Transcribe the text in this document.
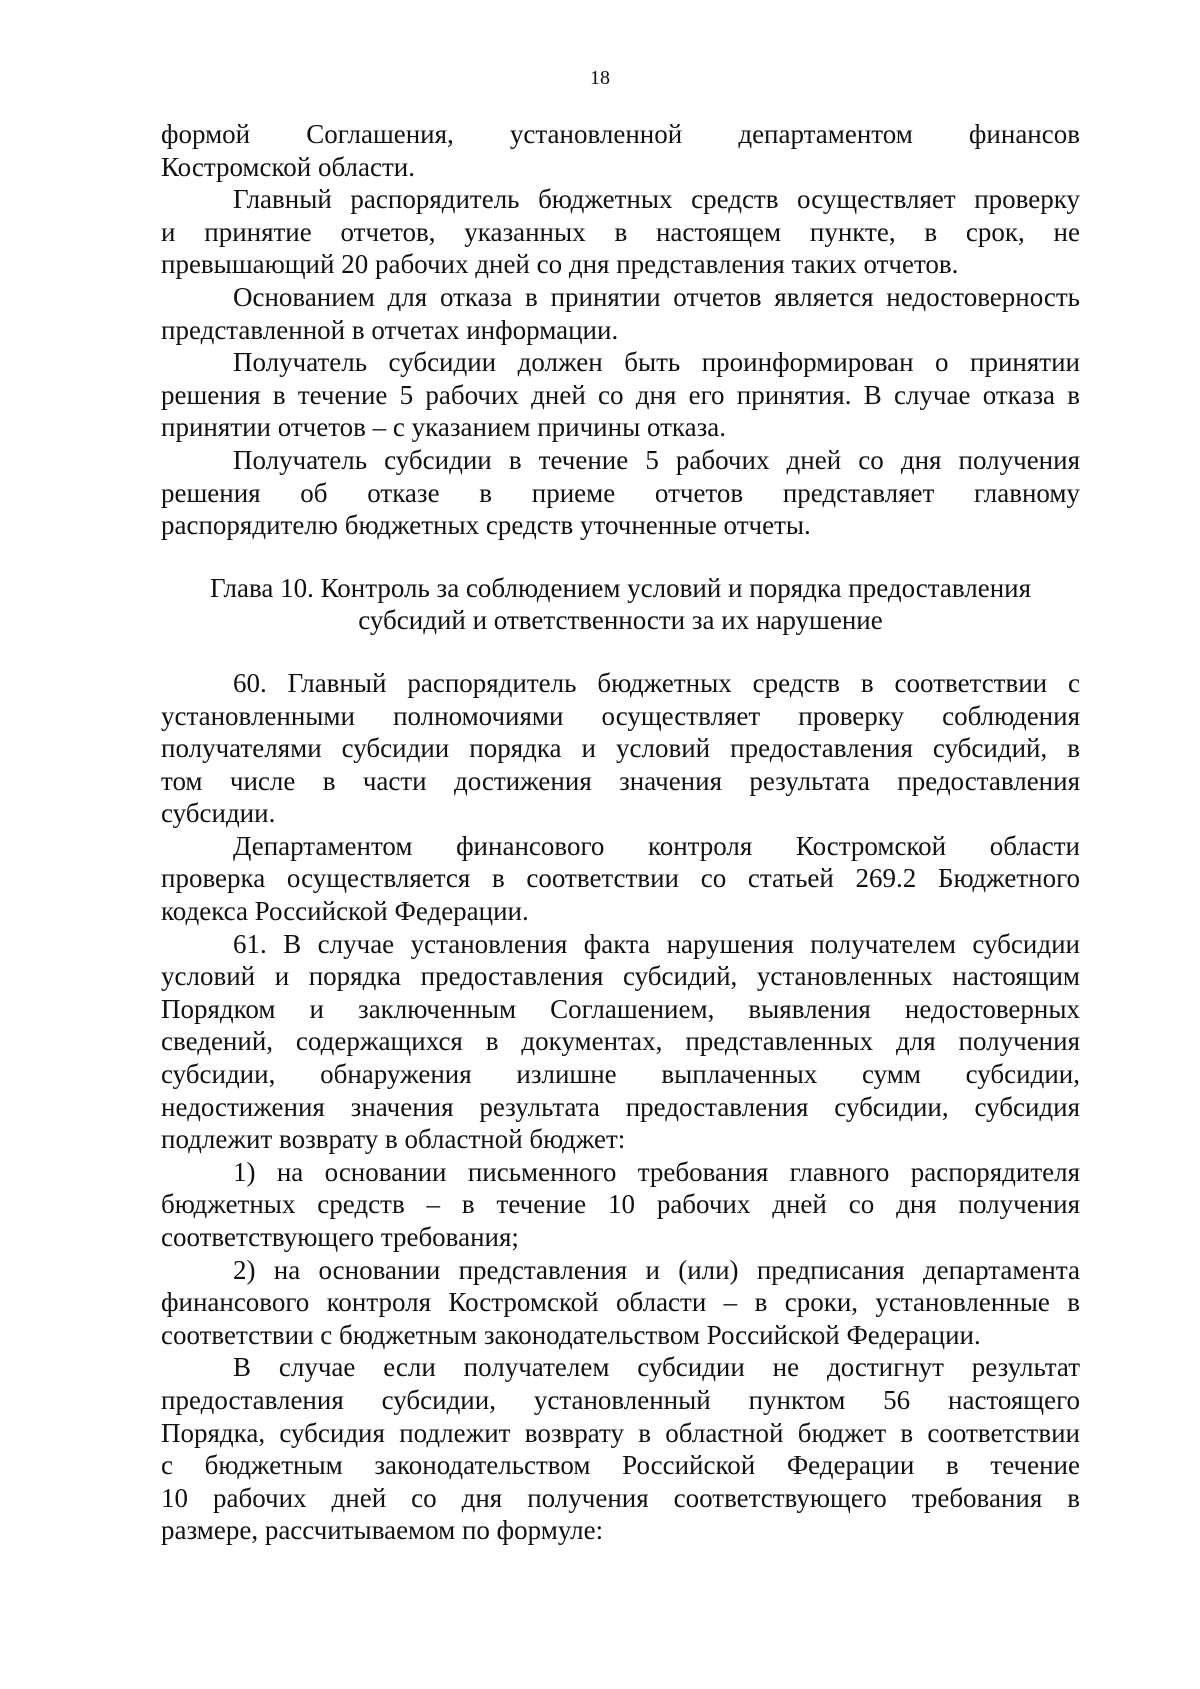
18
формой Соглашения, установленной департаментом финансов
Костромской области.
Главный распорядитель бюджетных средств осуществляет проверку
и принятие отчетов, указанных в настоящем пункте, в срок, не
превышающий 20 рабочих дней со дня представления таких отчетов.
Основанием для отказа в принятии отчетов является недостоверность
представленной в отчетах информации.
Получатель субсидии должен быть проинформирован о принятии
решения в течение 5 рабочих дней со дня его принятия. В случае отказа в
принятии отчетов – с указанием причины отказа.
Получатель субсидии в течение 5 рабочих дней со дня получения
решения об отказе в приеме отчетов представляет главному
распорядителю бюджетных средств уточненные отчеты.
Глава 10. Контроль за соблюдением условий и порядка предоставления
субсидий и ответственности за их нарушение
60. Главный распорядитель бюджетных средств в соответствии с
установленными полномочиями осуществляет проверку соблюдения
получателями субсидии порядка и условий предоставления субсидий, в
том числе в части достижения значения результата предоставления
субсидии.
Департаментом финансового контроля Костромской области
проверка осуществляется в соответствии со статьей 269.2 Бюджетного
кодекса Российской Федерации.
61. В случае установления факта нарушения получателем субсидии
условий и порядка предоставления субсидий, установленных настоящим
Порядком и заключенным Соглашением, выявления недостоверных
сведений, содержащихся в документах, представленных для получения
субсидии, обнаружения излишне выплаченных сумм субсидии,
недостижения значения результата предоставления субсидии, субсидия
подлежит возврату в областной бюджет:
1) на основании письменного требования главного распорядителя
бюджетных средств – в течение 10 рабочих дней со дня получения
соответствующего требования;
2) на основании представления и (или) предписания департамента
финансового контроля Костромской области – в сроки, установленные в
соответствии с бюджетным законодательством Российской Федерации.
В случае если получателем субсидии не достигнут результат
предоставления субсидии, установленный пунктом 56 настоящего
Порядка, субсидия подлежит возврату в областной бюджет в соответствии
с бюджетным законодательством Российской Федерации в течение
10 рабочих дней со дня получения соответствующего требования в
размере, рассчитываемом по формуле:
